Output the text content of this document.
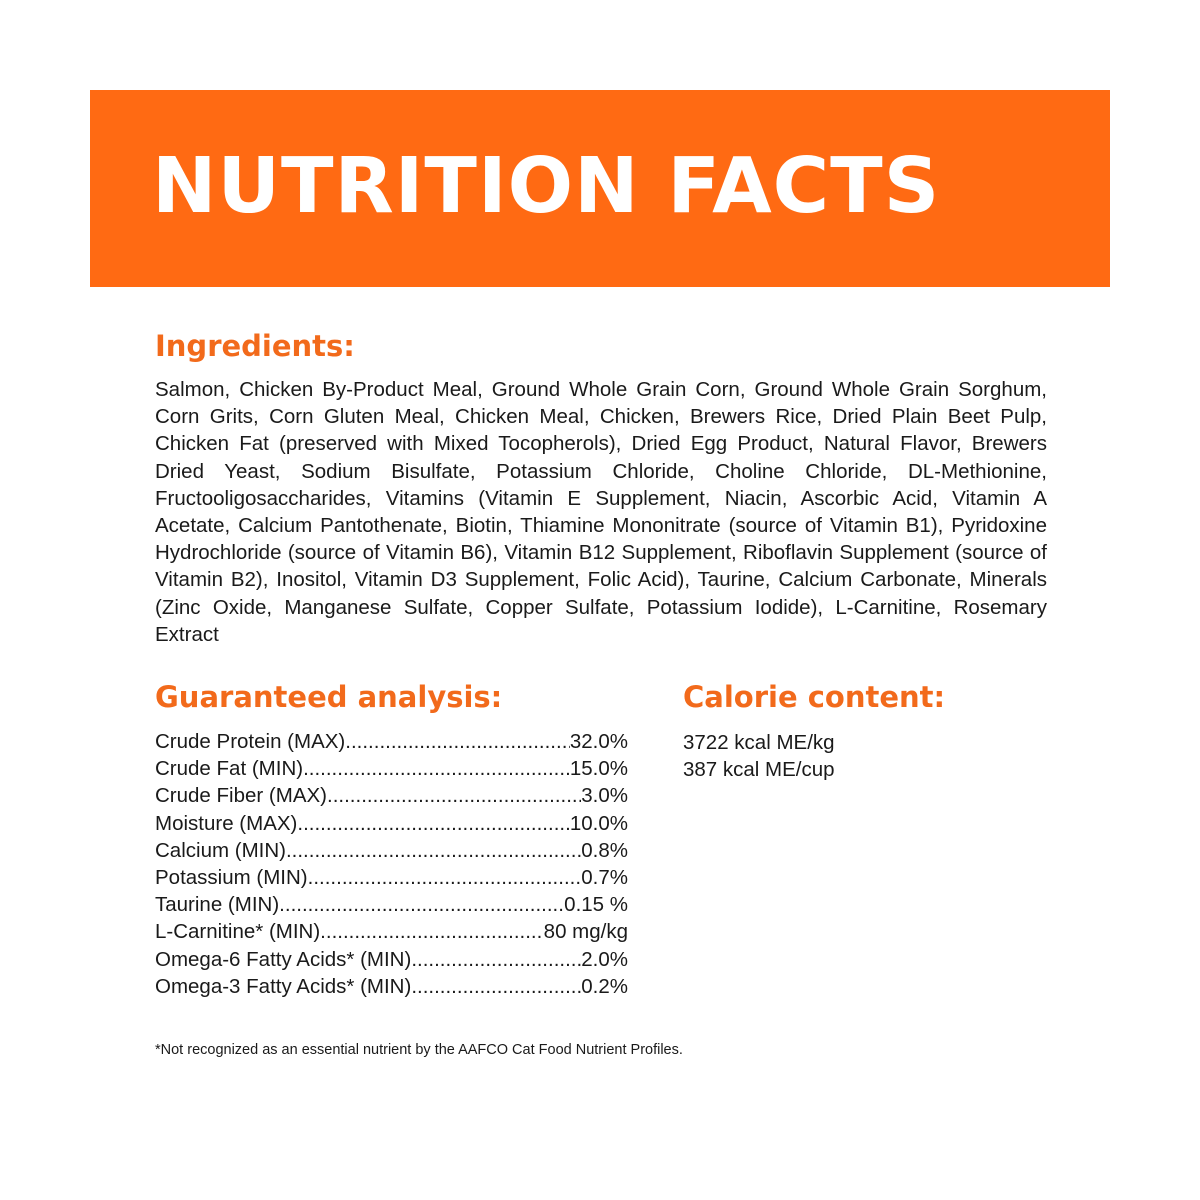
NUTRITION FACTS
Ingredients:

Salmon, Chicken By-Product Meal, Ground Whole Grain Corn, Ground Whole Grain Sorghum, Corn Grits, Corn Gluten Meal, Chicken Meal, Chicken, Brewers Rice, Dried Plain Beet Pulp, Chicken Fat (preserved with Mixed Tocopherols), Dried Egg Product, Natural Flavor, Brewers Dried Yeast, Sodium Bisulfate, Potassium Chloride, Choline Chloride, DL-Methionine, Fructooligosaccharides, Vitamins (Vitamin E Supplement, Niacin, Ascorbic Acid, Vitamin A Acetate, Calcium Pantothenate, Biotin, Thiamine Mononitrate (source of Vitamin B1), Pyridoxine Hydrochloride (source of Vitamin B6), Vitamin B12 Supplement, Riboflavin Supplement (source of Vitamin B2), Inositol, Vitamin D3 Supplement, Folic Acid), Taurine, Calcium Carbonate, Minerals (Zinc Oxide, Manganese Sulfate, Copper Sulfate, Potassium Iodide), L-Carnitine, Rosemary Extract

Guaranteed analysis:
Crude Protein (MAX) .....	32.0%
Crude Fat (MIN) .....	15.0%
Crude Fiber (MAX) .....	3.0%
Moisture (MAX) .....	10.0%
Calcium (MIN) .....	0.8%
Potassium (MIN) .....	0.7%
Taurine (MIN) .....	0.15 %
L-Carnitine* (MIN) .....	80 mg/kg
Omega-6 Fatty Acids* (MIN) .....	2.0%
Omega-3 Fatty Acids* (MIN) .....	0.2%
Calorie content:
3722 kcal ME/kg
387 kcal ME/cup

*Not recognized as an essential nutrient by the AAFCO Cat Food Nutrient Profiles.
